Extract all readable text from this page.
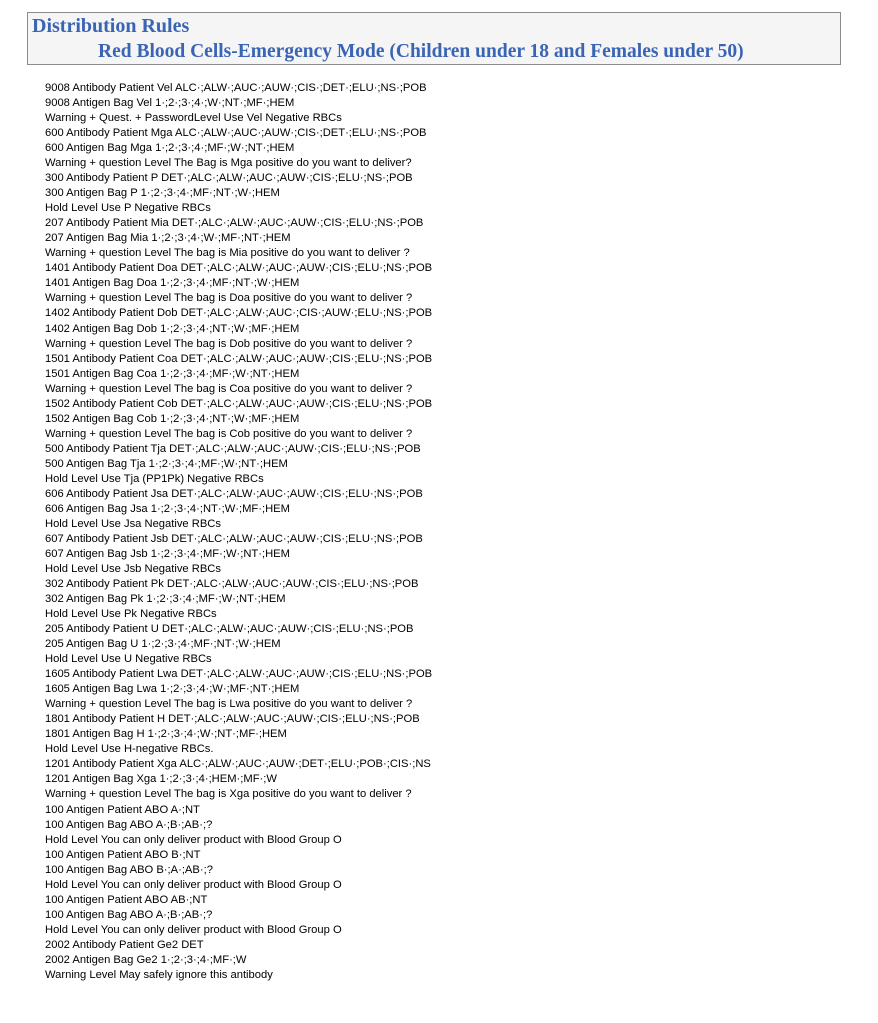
Distribution Rules
Red Blood Cells-Emergency Mode (Children under 18 and Females under 50)
9008 Antibody Patient Vel ALC·;ALW·;AUC·;AUW·;CIS·;DET·;ELU·;NS·;POB
9008 Antigen Bag Vel 1·;2·;3·;4·;W·;NT·;MF·;HEM
Warning + Quest. + PasswordLevel Use Vel Negative RBCs
600 Antibody Patient Mga ALC·;ALW·;AUC·;AUW·;CIS·;DET·;ELU·;NS·;POB
600 Antigen Bag Mga 1·;2·;3·;4·;MF·;W·;NT·;HEM
Warning + question Level The Bag is Mga positive do you want to deliver?
300 Antibody Patient P DET·;ALC·;ALW·;AUC·;AUW·;CIS·;ELU·;NS·;POB
300 Antigen Bag P 1·;2·;3·;4·;MF·;NT·;W·;HEM
Hold Level Use P Negative RBCs
207 Antibody Patient Mia DET·;ALC·;ALW·;AUC·;AUW·;CIS·;ELU·;NS·;POB
207 Antigen Bag Mia 1·;2·;3·;4·;W·;MF·;NT·;HEM
Warning + question Level The bag is Mia positive do you want to deliver ?
1401 Antibody Patient Doa DET·;ALC·;ALW·;AUC·;AUW·;CIS·;ELU·;NS·;POB
1401 Antigen Bag Doa 1·;2·;3·;4·;MF·;NT·;W·;HEM
Warning + question Level The bag is Doa positive do you want to deliver ?
1402 Antibody Patient Dob DET·;ALC·;ALW·;AUC·;CIS·;AUW·;ELU·;NS·;POB
1402 Antigen Bag Dob 1·;2·;3·;4·;NT·;W·;MF·;HEM
Warning + question Level The bag is Dob positive do you want to deliver ?
1501 Antibody Patient Coa DET·;ALC·;ALW·;AUC·;AUW·;CIS·;ELU·;NS·;POB
1501 Antigen Bag Coa 1·;2·;3·;4·;MF·;W·;NT·;HEM
Warning + question Level The bag is Coa positive do you want to deliver ?
1502 Antibody Patient Cob DET·;ALC·;ALW·;AUC·;AUW·;CIS·;ELU·;NS·;POB
1502 Antigen Bag Cob 1·;2·;3·;4·;NT·;W·;MF·;HEM
Warning + question Level The bag is Cob positive do you want to deliver ?
500 Antibody Patient Tja DET·;ALC·;ALW·;AUC·;AUW·;CIS·;ELU·;NS·;POB
500 Antigen Bag Tja 1·;2·;3·;4·;MF·;W·;NT·;HEM
Hold Level Use Tja (PP1Pk) Negative RBCs
606 Antibody Patient Jsa DET·;ALC·;ALW·;AUC·;AUW·;CIS·;ELU·;NS·;POB
606 Antigen Bag Jsa 1·;2·;3·;4·;NT·;W·;MF·;HEM
Hold Level Use Jsa Negative RBCs
607 Antibody Patient Jsb DET·;ALC·;ALW·;AUC·;AUW·;CIS·;ELU·;NS·;POB
607 Antigen Bag Jsb 1·;2·;3·;4·;MF·;W·;NT·;HEM
Hold Level Use Jsb Negative RBCs
302 Antibody Patient Pk DET·;ALC·;ALW·;AUC·;AUW·;CIS·;ELU·;NS·;POB
302 Antigen Bag Pk 1·;2·;3·;4·;MF·;W·;NT·;HEM
Hold Level Use Pk Negative RBCs
205 Antibody Patient U DET·;ALC·;ALW·;AUC·;AUW·;CIS·;ELU·;NS·;POB
205 Antigen Bag U 1·;2·;3·;4·;MF·;NT·;W·;HEM
Hold Level Use U Negative RBCs
1605 Antibody Patient Lwa DET·;ALC·;ALW·;AUC·;AUW·;CIS·;ELU·;NS·;POB
1605 Antigen Bag Lwa 1·;2·;3·;4·;W·;MF·;NT·;HEM
Warning + question Level The bag is Lwa positive do you want to deliver ?
1801 Antibody Patient H DET·;ALC·;ALW·;AUC·;AUW·;CIS·;ELU·;NS·;POB
1801 Antigen Bag H 1·;2·;3·;4·;W·;NT·;MF·;HEM
Hold Level Use H-negative RBCs.
1201 Antibody Patient Xga ALC·;ALW·;AUC·;AUW·;DET·;ELU·;POB·;CIS·;NS
1201 Antigen Bag Xga 1·;2·;3·;4·;HEM·;MF·;W
Warning + question Level The bag is Xga positive do you want to deliver ?
100 Antigen Patient ABO A·;NT
100 Antigen Bag ABO A·;B·;AB·;?
Hold Level You can only deliver product with Blood Group O
100 Antigen Patient ABO B·;NT
100 Antigen Bag ABO B·;A·;AB·;?
Hold Level You can only deliver product with Blood Group O
100 Antigen Patient ABO AB·;NT
100 Antigen Bag ABO A·;B·;AB·;?
Hold Level You can only deliver product with Blood Group O
2002 Antibody Patient Ge2 DET
2002 Antigen Bag Ge2 1·;2·;3·;4·;MF·;W
Warning Level May safely ignore this antibody
